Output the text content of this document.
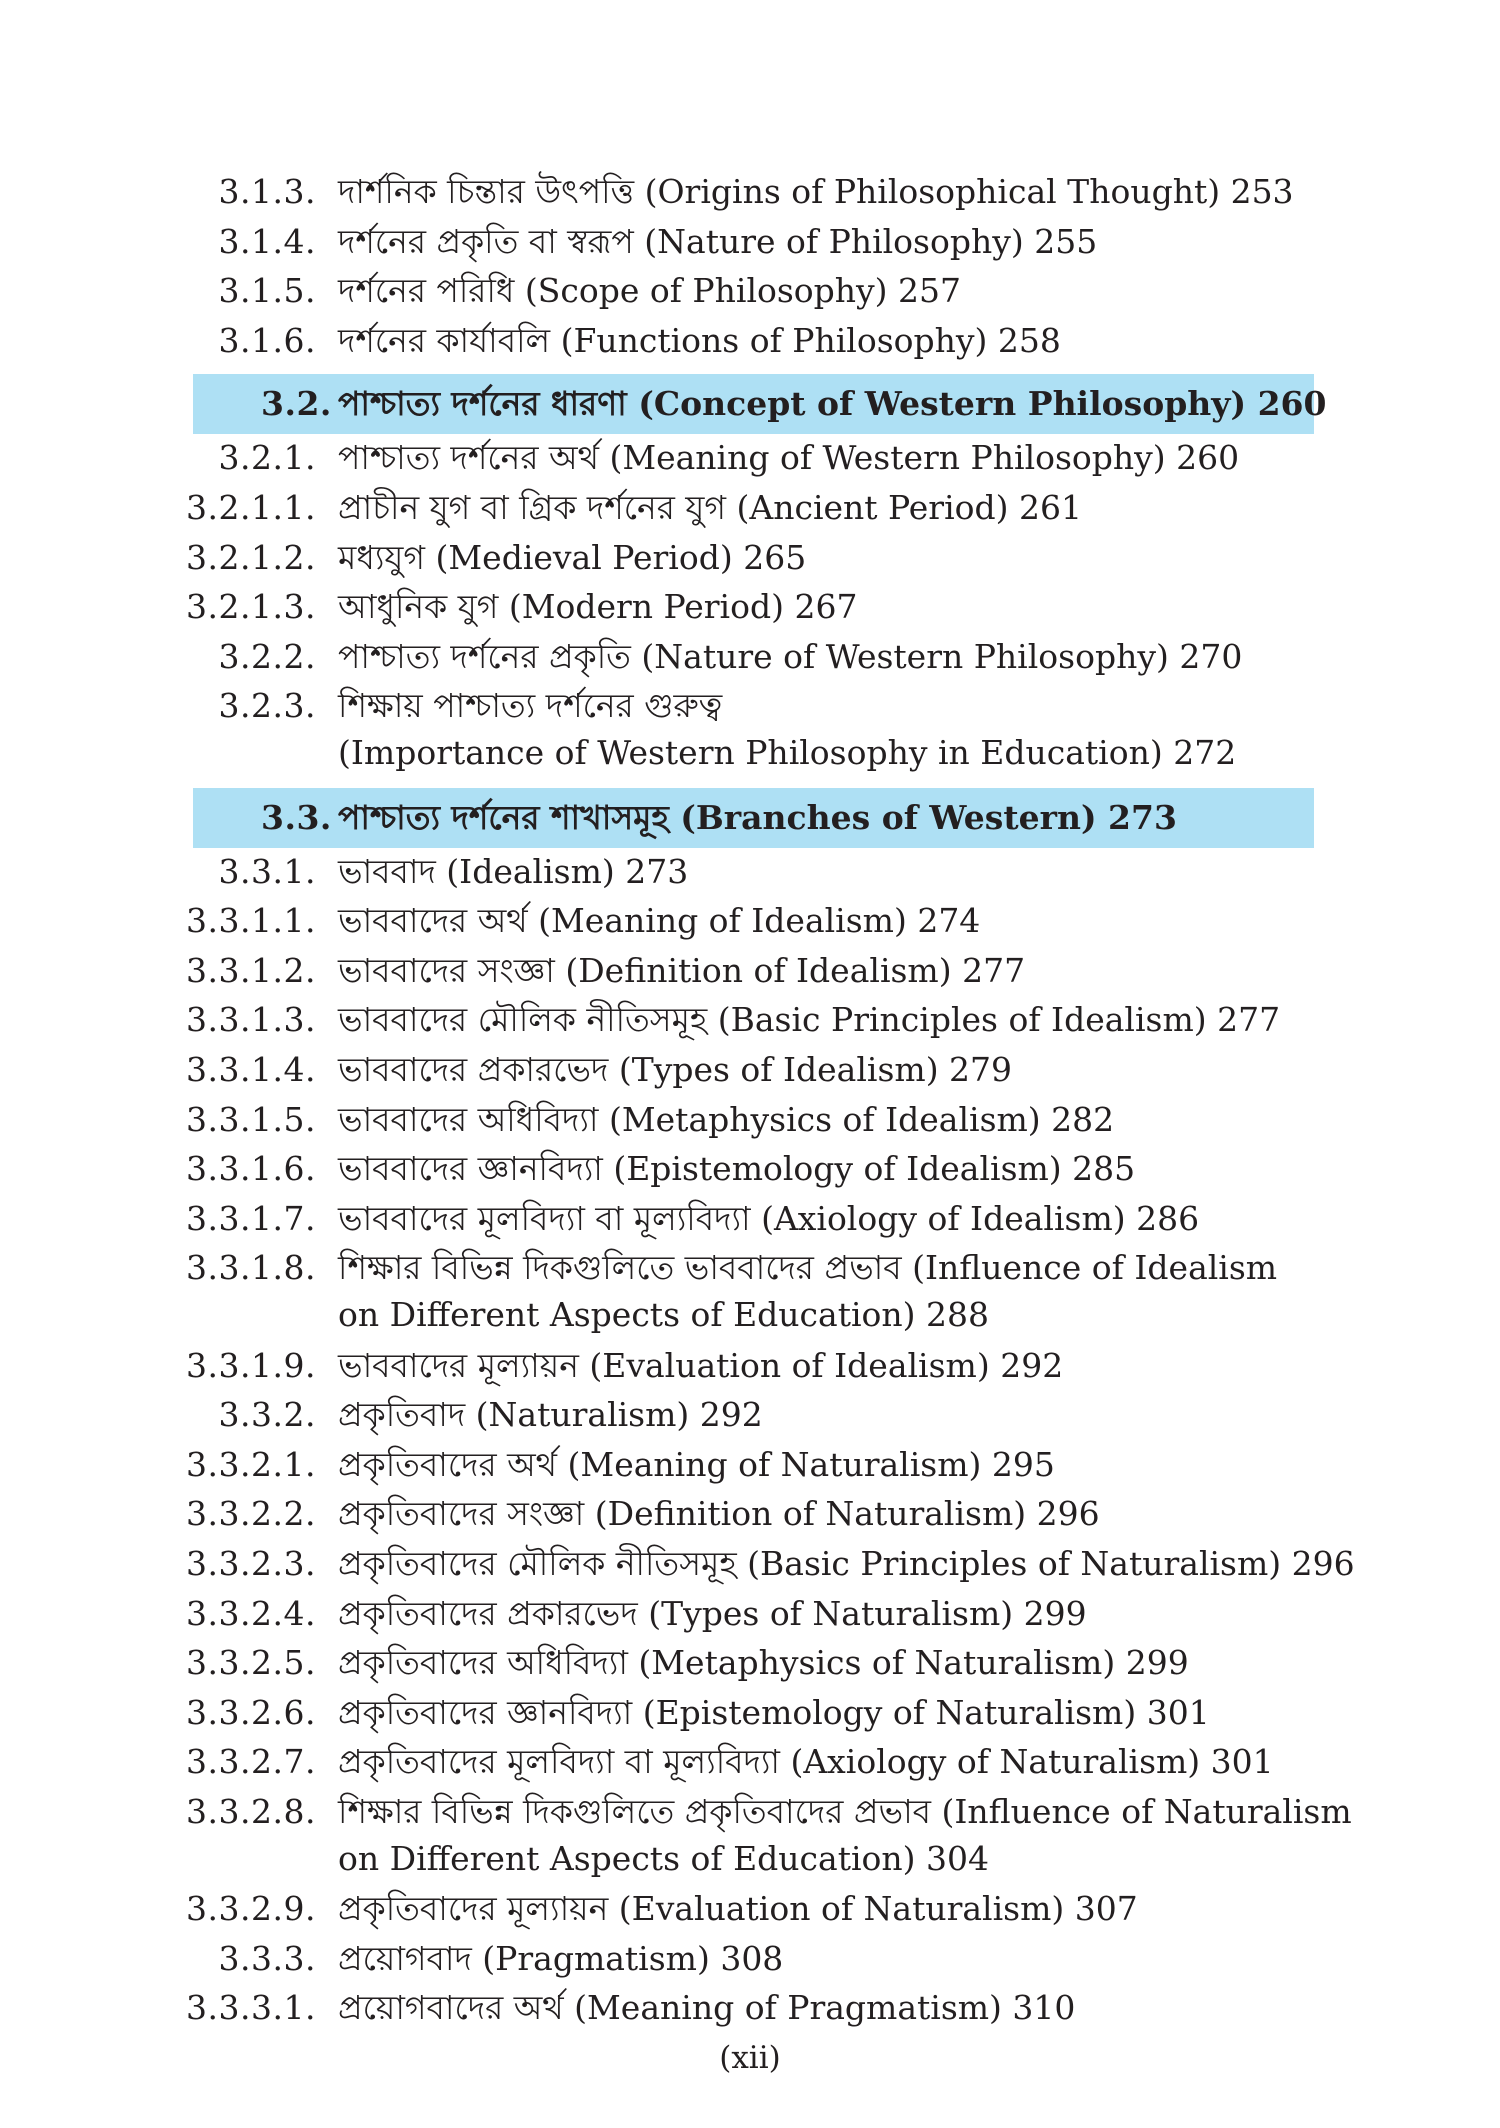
3.1.3. দার্শনিক চিন্তার উৎপত্তি (Origins of Philosophical Thought) 253
3.1.4. দর্শনের প্রকৃতি বা স্বরূপ (Nature of Philosophy) 255
3.1.5. দর্শনের পরিধি (Scope of Philosophy) 257
3.1.6. দর্শনের কার্যাবলি (Functions of Philosophy) 258
3.2. পাশ্চাত্য দর্শনের ধারণা (Concept of Western Philosophy) 260
3.2.1. পাশ্চাত্য দর্শনের অর্থ (Meaning of Western Philosophy) 260
3.2.1.1. প্রাচীন যুগ বা গ্রিক দর্শনের যুগ (Ancient Period) 261
3.2.1.2. মধ্যযুগ (Medieval Period) 265
3.2.1.3. আধুনিক যুগ (Modern Period) 267
3.2.2. পাশ্চাত্য দর্শনের প্রকৃতি (Nature of Western Philosophy) 270
3.2.3. শিক্ষায় পাশ্চাত্য দর্শনের গুরুত্ব
(Importance of Western Philosophy in Education) 272
3.3. পাশ্চাত্য দর্শনের শাখাসমূহ (Branches of Western) 273
3.3.1. ভাববাদ (Idealism) 273
3.3.1.1. ভাববাদের অর্থ (Meaning of Idealism) 274
3.3.1.2. ভাববাদের সংজ্ঞা (Definition of Idealism) 277
3.3.1.3. ভাববাদের মৌলিক নীতিসমূহ (Basic Principles of Idealism) 277
3.3.1.4. ভাববাদের প্রকারভেদ (Types of Idealism) 279
3.3.1.5. ভাববাদের অধিবিদ্যা (Metaphysics of Idealism) 282
3.3.1.6. ভাববাদের জ্ঞানবিদ্যা (Epistemology of Idealism) 285
3.3.1.7. ভাববাদের মূলবিদ্যা বা মূল্যবিদ্যা (Axiology of Idealism) 286
3.3.1.8. শিক্ষার বিভিন্ন দিকগুলিতে ভাববাদের প্রভাব (Influence of Idealism
on Different Aspects of Education) 288
3.3.1.9. ভাববাদের মূল্যায়ন (Evaluation of Idealism) 292
3.3.2. প্রকৃতিবাদ (Naturalism) 292
3.3.2.1. প্রকৃতিবাদের অর্থ (Meaning of Naturalism) 295
3.3.2.2. প্রকৃতিবাদের সংজ্ঞা (Definition of Naturalism) 296
3.3.2.3. প্রকৃতিবাদের মৌলিক নীতিসমূহ (Basic Principles of Naturalism) 296
3.3.2.4. প্রকৃতিবাদের প্রকারভেদ (Types of Naturalism) 299
3.3.2.5. প্রকৃতিবাদের অধিবিদ্যা (Metaphysics of Naturalism) 299
3.3.2.6. প্রকৃতিবাদের জ্ঞানবিদ্যা (Epistemology of Naturalism) 301
3.3.2.7. প্রকৃতিবাদের মূলবিদ্যা বা মূল্যবিদ্যা (Axiology of Naturalism) 301
3.3.2.8. শিক্ষার বিভিন্ন দিকগুলিতে প্রকৃতিবাদের প্রভাব (Influence of Naturalism
on Different Aspects of Education) 304
3.3.2.9. প্রকৃতিবাদের মূল্যায়ন (Evaluation of Naturalism) 307
3.3.3. প্রয়োগবাদ (Pragmatism) 308
3.3.3.1. প্রয়োগবাদের অর্থ (Meaning of Pragmatism) 310
(xii)
